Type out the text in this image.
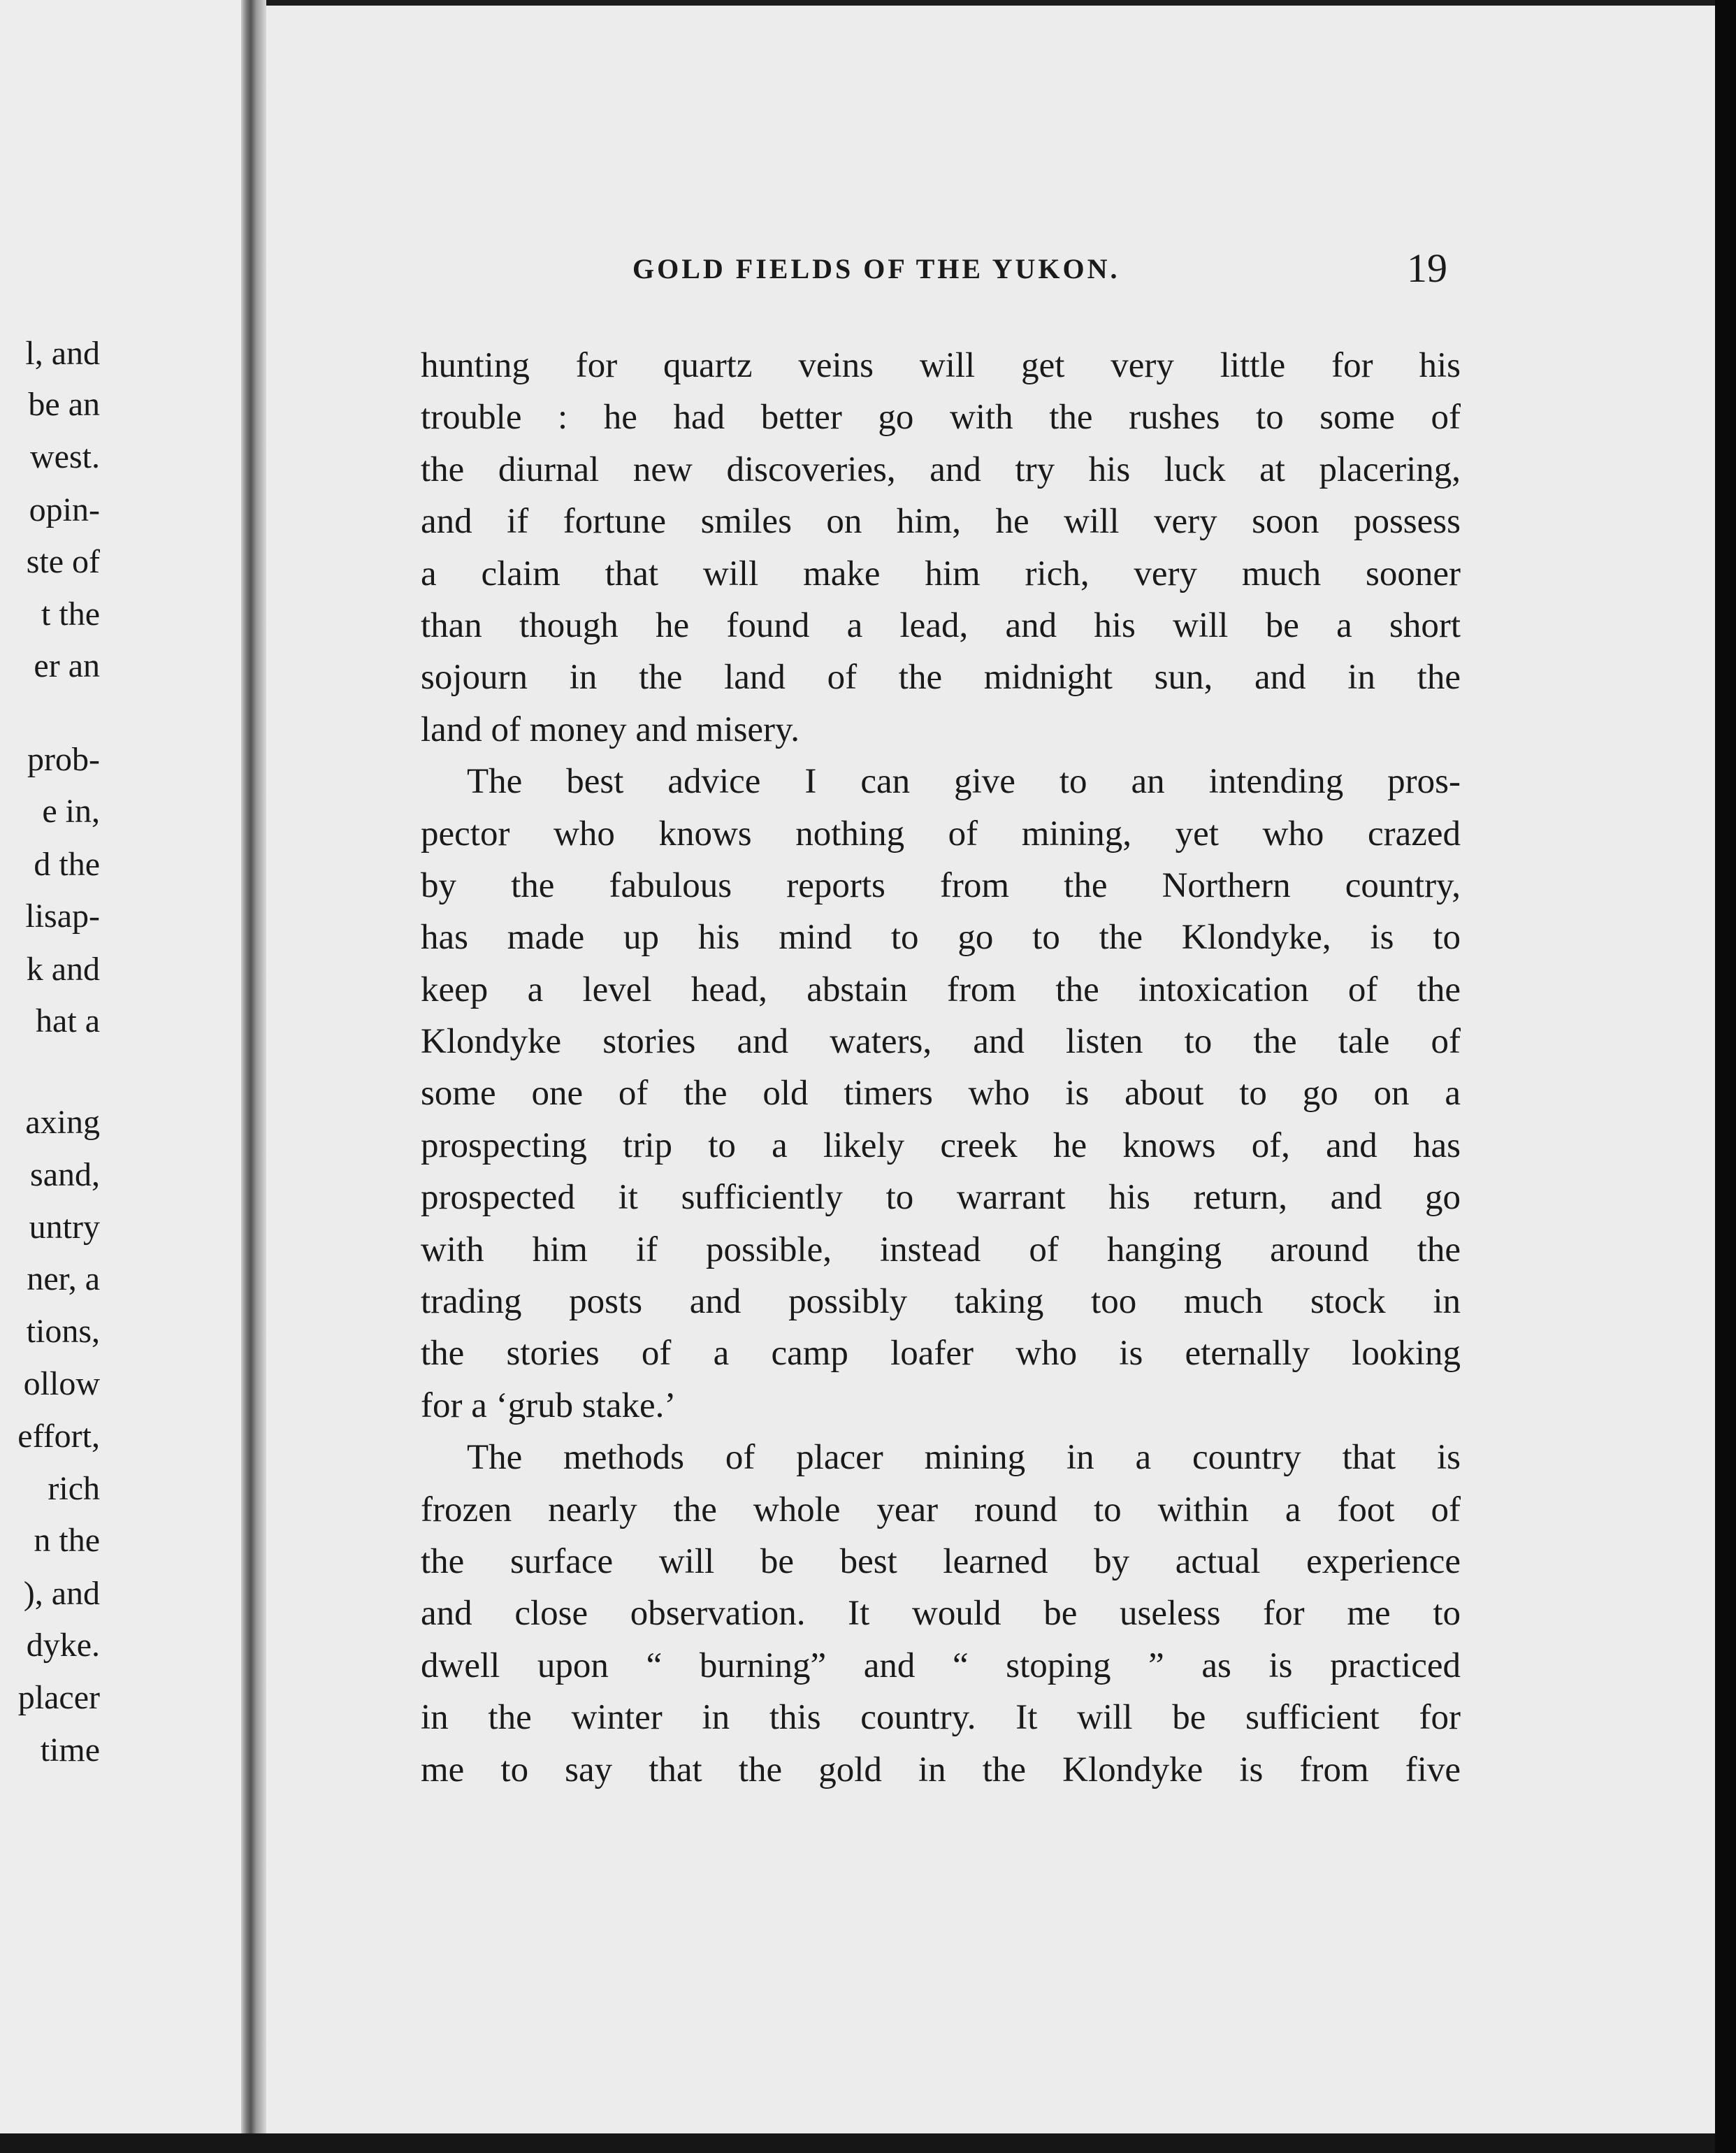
l, and
be an
west.
opin-
ste of
t the
er an
prob-
e in,
d the
lisap-
k and
hat a
axing
sand,
untry
ner, a
tions,
ollow
effort,
rich
n the
), and
dyke.
placer
time
GOLD FIELDS OF THE YUKON.	19
hunting for quartz veins will get very little for his
trouble : he had better go with the rushes to some of
the diurnal new discoveries, and try his luck at placering,
and if fortune smiles on him, he will very soon possess
a claim that will make him rich, very much sooner
than though he found a lead, and his will be a short
sojourn in the land of the midnight sun, and in the
land of money and misery.
The best advice I can give to an intending pros-
pector who knows nothing of mining, yet who crazed
by the fabulous reports from the Northern country,
has made up his mind to go to the Klondyke, is to
keep a level head, abstain from the intoxication of the
Klondyke stories and waters, and listen to the tale of
some one of the old timers who is about to go on a
prospecting trip to a likely creek he knows of, and has
prospected it sufficiently to warrant his return, and go
with him if possible, instead of hanging around the
trading posts and possibly taking too much stock in
the stories of a camp loafer who is eternally looking
for a ‘grub stake.’
The methods of placer mining in a country that is
frozen nearly the whole year round to within a foot of
the surface will be best learned by actual experience
and close observation. It would be useless for me to
dwell upon “ burning” and “ stoping ” as is practiced
in the winter in this country. It will be sufficient for
me to say that the gold in the Klondyke is from five
